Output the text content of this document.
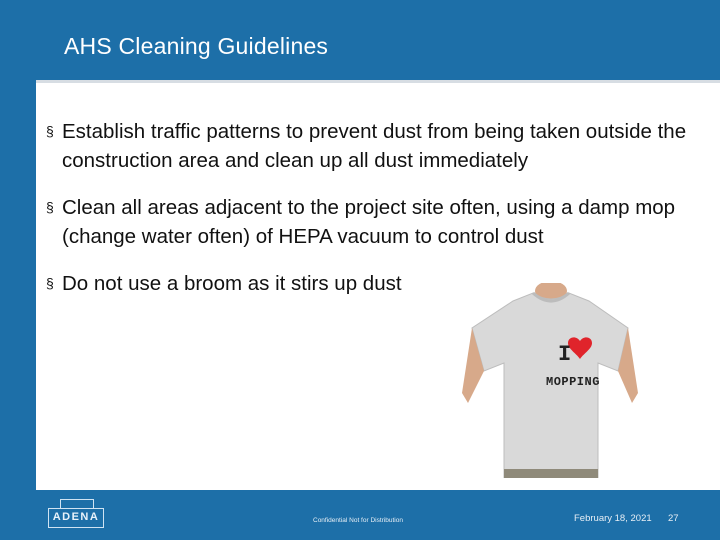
AHS Cleaning Guidelines
§ Establish traffic patterns to prevent dust from being taken outside the construction area and clean up all dust immediately
§ Clean all areas adjacent to the project site often, using a damp mop (change water often) of HEPA vacuum to control dust
§ Do not use a broom as it stirs up dust
I
MOPPING
ADENA	Confidential Not for Distribution	February 18, 2021 27
